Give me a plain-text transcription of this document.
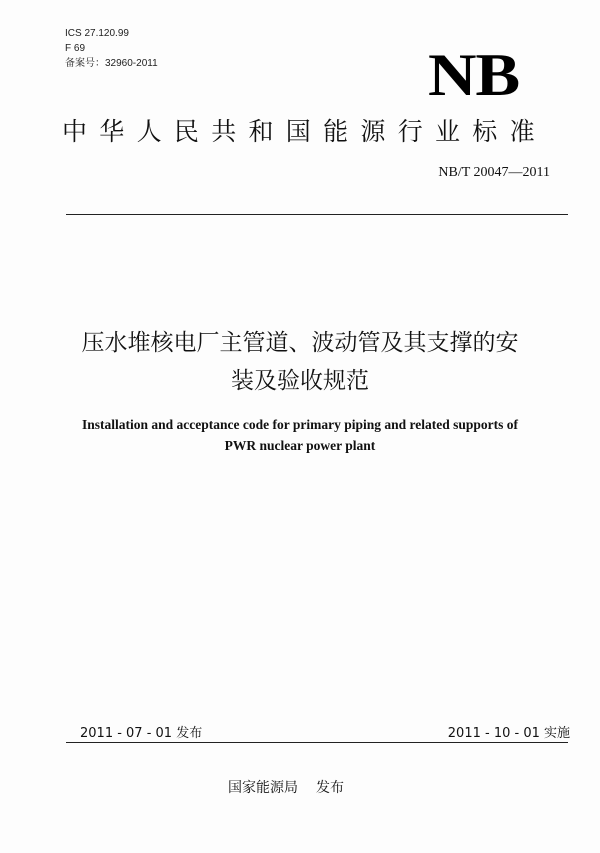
ICS 27.120.99
F 69
备案号：32960-2011	NB
中华人民共和国能源行业标准
NB/T 20047—2011
压水堆核电厂主管道、波动管及其支撑的安
装及验收规范
Installation and acceptance code for primary piping and related supports of
PWR nuclear power plant
2011 - 07 - 01 发布	2011 - 10 - 01 实施
国家能源局 发布
